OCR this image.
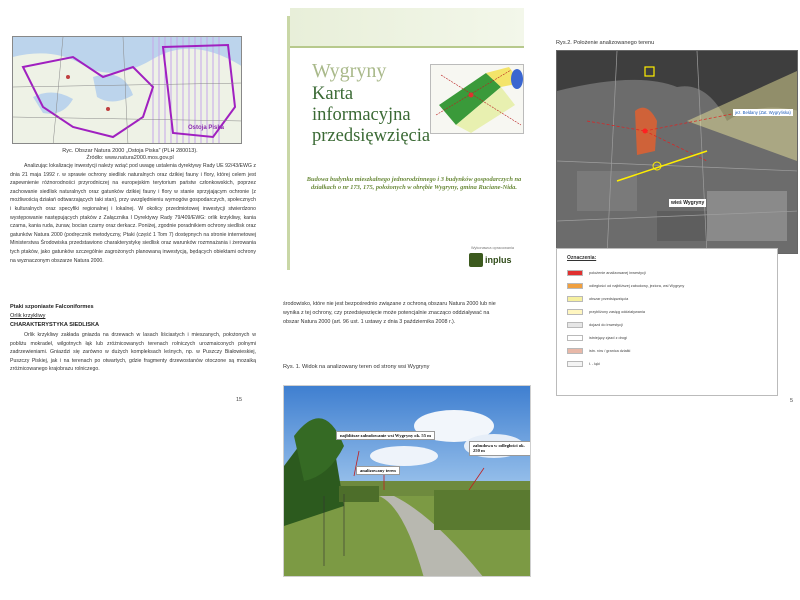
Ostoja Piska
Ryc. Obszar Natura 2000 „Ostoja Piska” (PLH 280013).
Źródło: www.natura2000.mos.gov.pl

Analizując lokalizację inwestycji należy wziąć pod uwagę ustalenia dyrektywy Rady UE 92/43/EWG z dnia 21 maja 1992 r. w sprawie ochrony siedlisk naturalnych oraz dzikiej fauny i flory, której celem jest zapewnienie różnorodności przyrodniczej na europejskim terytorium państw członkowskich, poprzez zachowanie siedlisk naturalnych oraz gatunków dzikiej fauny i flory w stanie sprzyjającym ochronie (z możliwością działań odtwarzających taki stan), przy uwzględnieniu wymogów gospodarczych, społecznych i kulturalnych oraz specyfiki regionalnej i lokalnej. W okolicy przedmiotowej inwestycji stwierdzono występowanie następujących ptaków z Załącznika I Dyrektywy Rady 79/409/EWG: orlik krzykliwy, kania czarna, kania ruda, żuraw, bocian czarny oraz derkacz. Poniżej, zgodnie poradnikiem ochrony siedlisk oraz gatunków Natura 2000 (podręcznik metodyczny, Ptaki (część 1 Tom 7) dostępnych na stronie internetowej Ministerstwa Środowiska przedstawiono charakterystykę siedlisk oraz warunków rozmnażania i żerowania tych ptaków, jako gatunków szczególnie zagrożonych planowaną inwestycją, będących obiektami ochrony na wyznaczonym obszarze Natura 2000.

Ptaki szponiaste Falconiformes
Orlik krzykliwy
CHARAKTERYSTYKA SIEDLISKA

Orlik krzykliwy zakłada gniazda na drzewach w lasach liściastych i mieszanych, położonych w pobliżu mokradeł, wilgotnych łąk lub zróżnicowanych terenach rolniczych urozmaiconych polnymi zadrzewieniami. Gniazdzi się zarówno w dużych kompleksach leśnych, np. w Puszczy Białowieskiej, Puszczy Piskiej, jak i na terenach po otwartych, gdzie fragmenty drzewostanów otoczone są mozaiką zróżnicowanego krajobrazu rolniczego.

15
Wygryny
Karta
informacyjna
przedsięwzięcia
Budowa budynku mieszkalnego jednorodzinnego i 3 budynków gospodarczych na działkach o nr 173, 175, położonych w obrębie Wygryny, gmina Ruciane-Nida.
Wykonawca opracowania
inplus
środowisko, które nie jest bezpośrednio związane z ochroną obszaru Natura 2000 lub nie
wynika z tej ochrony, czy przedsięwzięcie może potencjalnie znacząco oddziaływać na
obszar Natura 2000 (art. 96 ust. 1 ustawy z dnia 3 października 2008 r.).
Rys. 1. Widok na analizowany teren od strony wsi Wygryny
najbliższe zabudowanie wsi Wygryny ok. 55 m
analizowany teren
zabudowa w odległości ok. 250 m
Rys.2. Położenie analizowanego terenu
jez. Bełdany (Zat. Wygryńska)
wieś Wygryny
Oznaczenia:
położenie analizowanej inwestycji
odległości od najbliższej zabudowy, jeziora, wsi Wygryny
obszar przedsięwzięcia
przybliżony zasięg oddziaływania
dojazd do inwestycji
istniejący zjazd z drogi
istn. rów / granica działki
ł. - łąki
5
